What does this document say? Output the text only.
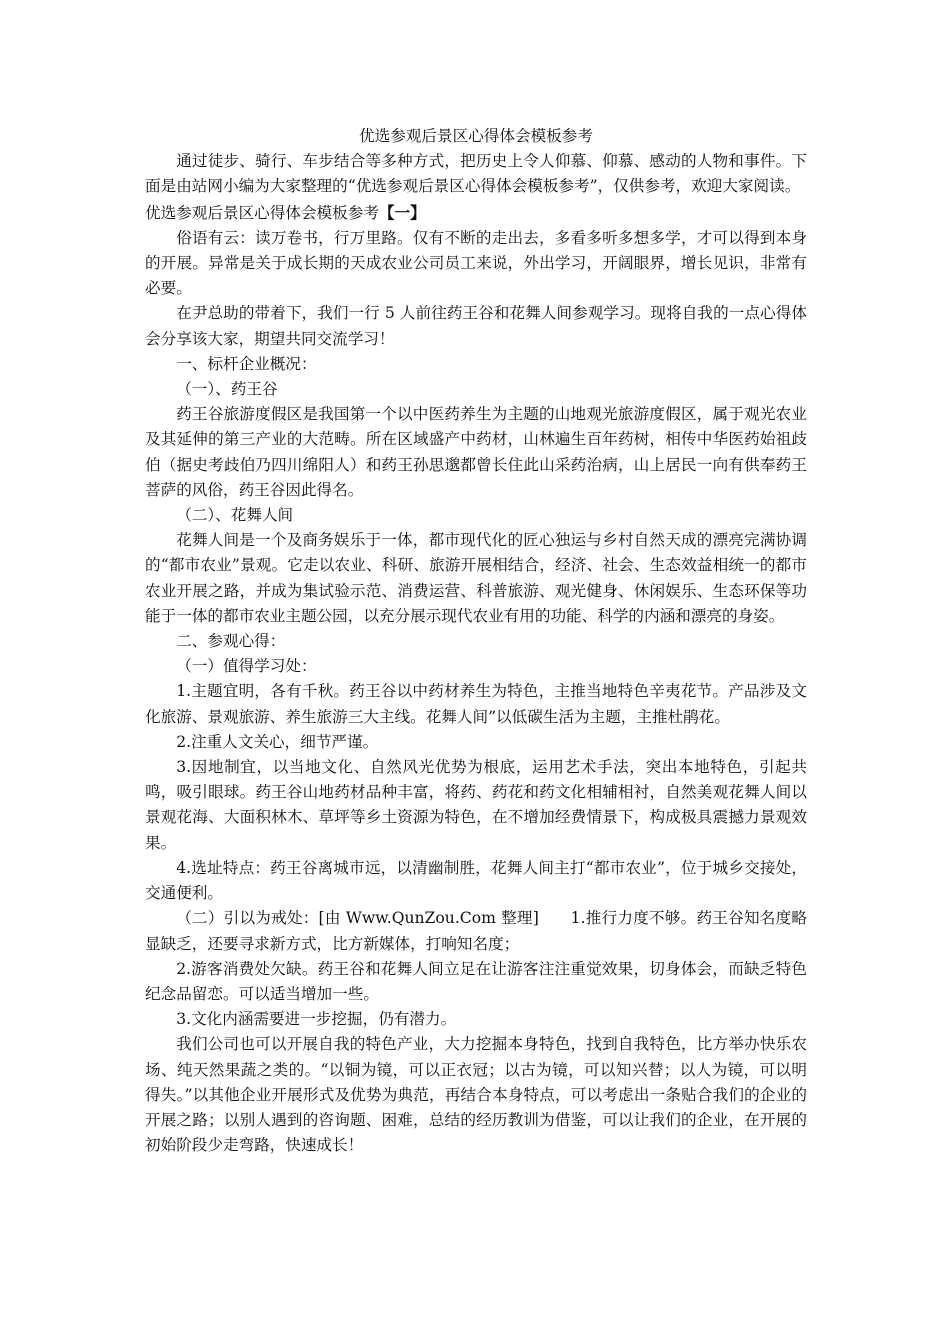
优选参观后景区心得体会模板参考

通过徒步、骑行、车步结合等多种方式，把历史上令人仰慕、仰慕、感动的人物和事件。下面是由站网小编为大家整理的“优选参观后景区心得体会模板参考”，仅供参考，欢迎大家阅读。

优选参观后景区心得体会模板参考【一】

俗语有云：读万卷书，行万里路。仅有不断的走出去，多看多听多想多学，才可以得到本身的开展。异常是关于成长期的天成农业公司员工来说，外出学习，开阔眼界，增长见识，非常有必要。

在尹总助的带着下，我们一行 5 人前往药王谷和花舞人间参观学习。现将自我的一点心得体会分享该大家，期望共同交流学习！

一、标杆企业概况：

（一）、药王谷

药王谷旅游度假区是我国第一个以中医药养生为主题的山地观光旅游度假区，属于观光农业及其延伸的第三产业的大范畴。所在区域盛产中药材，山林遍生百年药树，相传中华医药始祖歧伯（据史考歧伯乃四川绵阳人）和药王孙思邈都曾长住此山采药治病，山上居民一向有供奉药王菩萨的风俗，药王谷因此得名。

（二）、花舞人间

花舞人间是一个及商务娱乐于一体，都市现代化的匠心独运与乡村自然天成的漂亮完满协调的“都市农业”景观。它走以农业、科研、旅游开展相结合，经济、社会、生态效益相统一的都市农业开展之路，并成为集试验示范、消费运营、科普旅游、观光健身、休闲娱乐、生态环保等功能于一体的都市农业主题公园，以充分展示现代农业有用的功能、科学的内涵和漂亮的身姿。

二、参观心得：

（一）值得学习处：

1.主题宜明，各有千秋。药王谷以中药材养生为特色，主推当地特色辛夷花节。产品涉及文化旅游、景观旅游、养生旅游三大主线。花舞人间”以低碳生活为主题，主推杜鹃花。

2.注重人文关心，细节严谨。

3.因地制宜，以当地文化、自然风光优势为根底，运用艺术手法，突出本地特色，引起共鸣，吸引眼球。药王谷山地药材品种丰富，将药、药花和药文化相辅相衬，自然美观花舞人间以景观花海、大面积林木、草坪等乡土资源为特色，在不增加经费情景下，构成极具震撼力景观效果。

4.选址特点：药王谷离城市远，以清幽制胜，花舞人间主打“都市农业”，位于城乡交接处，交通便利。

（二）引以为戒处：[由 Www.QunZou.Com 整理]　　1.推行力度不够。药王谷知名度略显缺乏，还要寻求新方式，比方新媒体，打响知名度；

2.游客消费处欠缺。药王谷和花舞人间立足在让游客注注重觉效果，切身体会，而缺乏特色纪念品留恋。可以适当增加一些。

3.文化内涵需要进一步挖掘，仍有潜力。

我们公司也可以开展自我的特色产业，大力挖掘本身特色，找到自我特色，比方举办快乐农场、纯天然果蔬之类的。“以铜为镜，可以正衣冠；以古为镜，可以知兴替；以人为镜，可以明得失。”以其他企业开展形式及优势为典范，再结合本身特点，可以考虑出一条贴合我们的企业的开展之路；以别人遇到的咨询题、困难，总结的经历教训为借鉴，可以让我们的企业，在开展的初始阶段少走弯路，快速成长！
